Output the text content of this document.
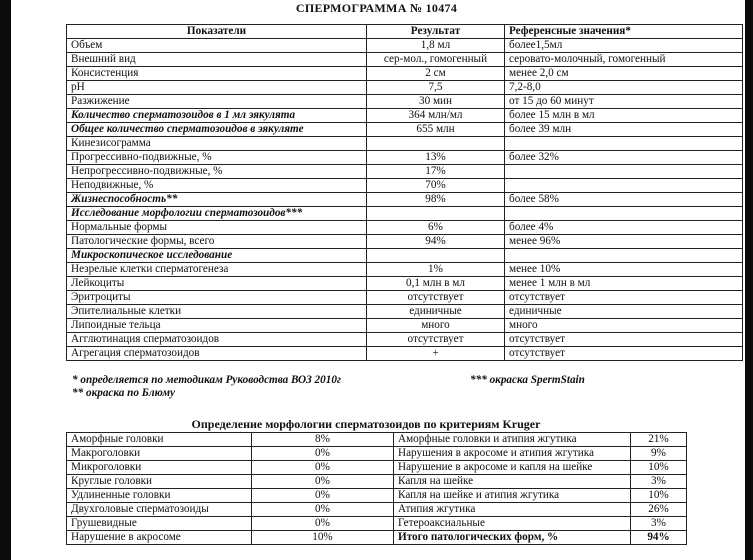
СПЕРМОГРАММА № 10474
Показатели	Результат	Референсные значения*
Объем	1,8 мл	более1,5мл
Внешний вид	сер-мол., гомогенный	серовато-молочный, гомогенный
Консистенция	2 см	менее 2,0 см
pH	7,5	7,2-8,0
Разжижение	30 мин	от 15 до 60 минут
Количество сперматозоидов в 1 мл эякулята	364 млн/мл	более 15 млн в мл
Общее количество сперматозоидов в эякуляте	655 млн	более 39 млн
Кинезисограмма		
Прогрессивно-подвижные, %	13%	более 32%
Непрогрессивно-подвижные, %	17%	
Неподвижные, %	70%	
Жизнеспособность**	98%	более 58%
Исследование морфологии сперматозоидов***		
Нормальные формы	6%	более 4%
Патологические формы, всего	94%	менее 96%
Микроскопическое исследование		
Незрелые клетки сперматогенеза	1%	менее 10%
Лейкоциты	0,1 млн в мл	менее 1 млн в мл
Эритроциты	отсутствует	отсутствует
Эпителиальные клетки	единичные	единичные
Липоидные тельца	много	много
Агглютинация сперматозоидов	отсутствует	отсутствует
Агрегация сперматозоидов	+	отсутствует
* определяется по методикам Руководства ВОЗ 2010г	*** окраска SpermStain
** окраска по Блюму
Определение морфологии сперматозоидов по критериям Kruger
Аморфные головки	8%	Аморфные головки и атипия жгутика	21%
Макроголовки	0%	Нарушения в акросоме и атипия жгутика	9%
Микроголовки	0%	Нарушение в акросоме и капля на шейке	10%
Круглые головки	0%	Капля на шейке	3%
Удлиненные головки	0%	Капля на шейке и атипия жгутика	10%
Двухголовые сперматозоиды	0%	Атипия жгутика	26%
Грушевидные	0%	Гетероаксиальные	3%
Нарушение в акросоме	10%	Итого патологических форм, %	94%
